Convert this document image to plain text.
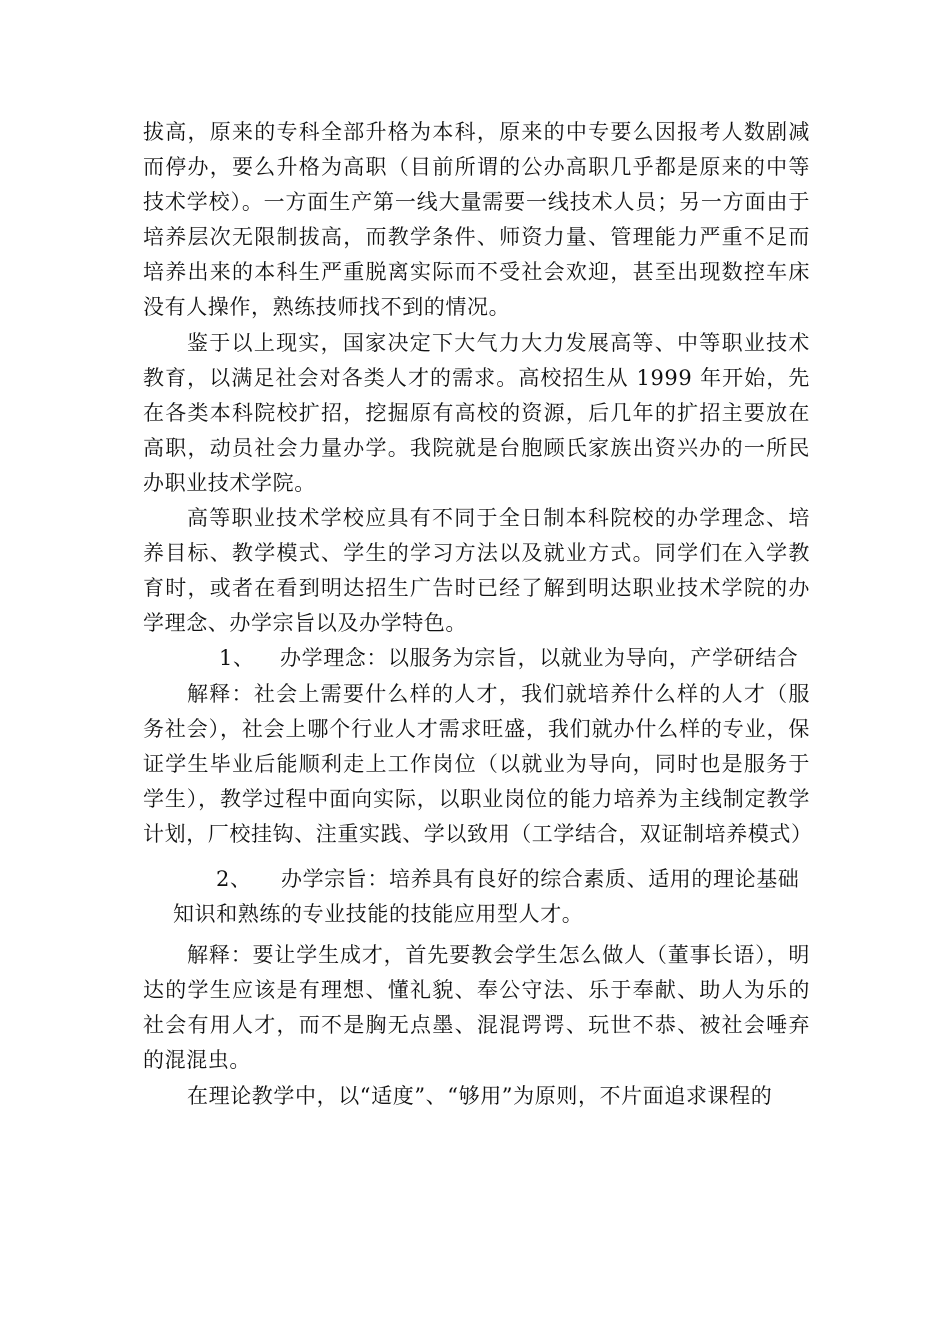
拔高，原来的专科全部升格为本科，原来的中专要么因报考人数剧减而停办，要么升格为高职（目前所谓的公办高职几乎都是原来的中等技术学校）。一方面生产第一线大量需要一线技术人员；另一方面由于培养层次无限制拔高，而教学条件、师资力量、管理能力严重不足而培养出来的本科生严重脱离实际而不受社会欢迎，甚至出现数控车床没有人操作，熟练技师找不到的情况。

鉴于以上现实，国家决定下大气力大力发展高等、中等职业技术教育，以满足社会对各类人才的需求。高校招生从 1999 年开始，先在各类本科院校扩招，挖掘原有高校的资源，后几年的扩招主要放在高职，动员社会力量办学。我院就是台胞顾氏家族出资兴办的一所民办职业技术学院。

高等职业技术学校应具有不同于全日制本科院校的办学理念、培养目标、教学模式、学生的学习方法以及就业方式。同学们在入学教育时，或者在看到明达招生广告时已经了解到明达职业技术学院的办学理念、办学宗旨以及办学特色。

1、 办学理念：以服务为宗旨，以就业为导向，产学研结合

解释：社会上需要什么样的人才，我们就培养什么样的人才（服务社会），社会上哪个行业人才需求旺盛，我们就办什么样的专业，保证学生毕业后能顺利走上工作岗位（以就业为导向，同时也是服务于学生），教学过程中面向实际，以职业岗位的能力培养为主线制定教学计划，厂校挂钩、注重实践、学以致用（工学结合，双证制培养模式）

2、 办学宗旨：培养具有良好的综合素质、适用的理论基础

知识和熟练的专业技能的技能应用型人才。

解释：要让学生成才，首先要教会学生怎么做人（董事长语），明达的学生应该是有理想、懂礼貌、奉公守法、乐于奉献、助人为乐的社会有用人才，而不是胸无点墨、混混谔谔、玩世不恭、被社会唾弃的混混虫。

在理论教学中，以“适度”、“够用”为原则，不片面追求课程的
